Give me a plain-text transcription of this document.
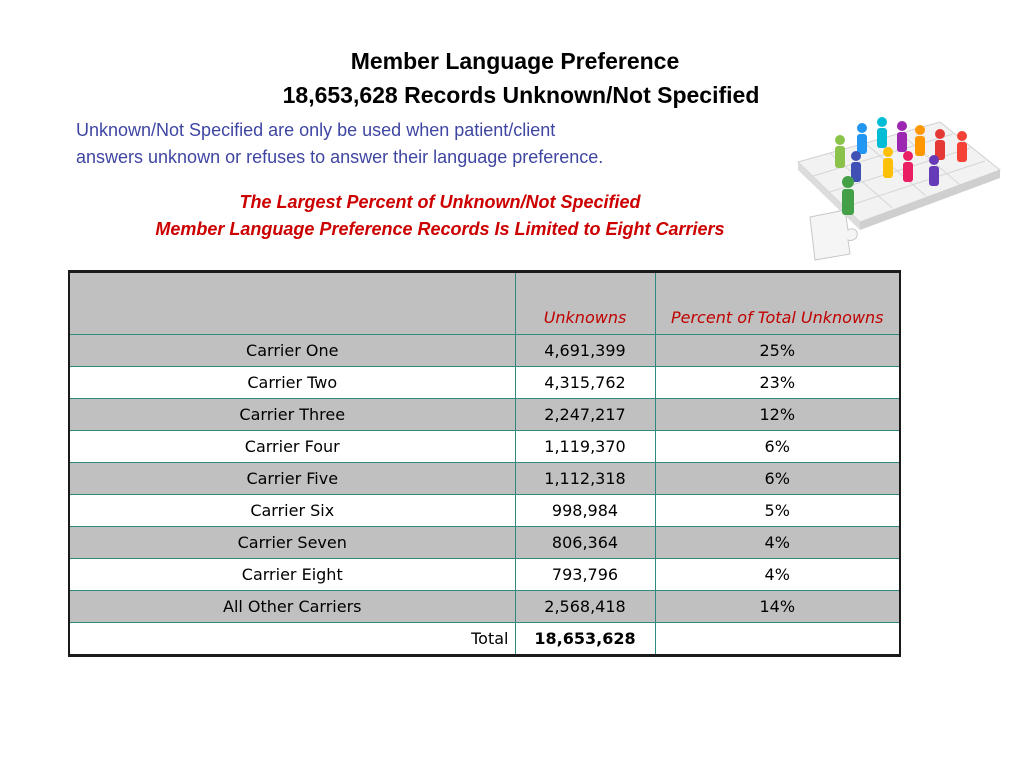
Member Language Preference
18,653,628 Records Unknown/Not Specified
Unknown/Not Specified are only be used when patient/client
answers unknown or refuses to answer their language preference.
The Largest Percent of Unknown/Not Specified
Member Language Preference Records Is Limited to Eight Carriers
	Unknowns	Percent of Total Unknowns
Carrier One	4,691,399	25%
Carrier Two	4,315,762	23%
Carrier Three	2,247,217	12%
Carrier Four	1,119,370	6%
Carrier Five	1,112,318	6%
Carrier Six	998,984	5%
Carrier Seven	806,364	4%
Carrier Eight	793,796	4%
All Other Carriers	2,568,418	14%
Total	18,653,628	
